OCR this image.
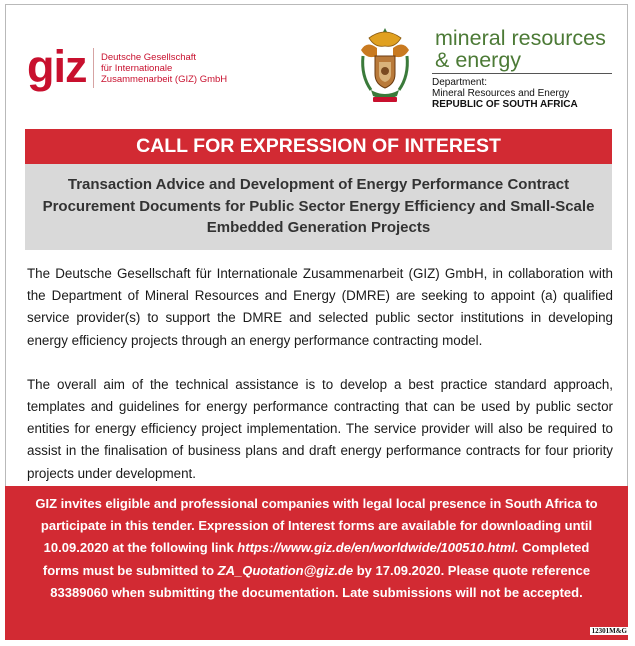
giz Deutsche Gesellschaft
für Internationale
Zusammenarbeit (GIZ) GmbH
mineral resources
& energy
Department:
Mineral Resources and Energy
REPUBLIC OF SOUTH AFRICA
CALL FOR EXPRESSION OF INTEREST

Transaction Advice and Development of Energy Performance Contract Procurement Documents for Public Sector Energy Efficiency and Small-Scale Embedded Generation Projects

The Deutsche Gesellschaft für Internationale Zusammenarbeit (GIZ) GmbH, in collaboration with the Department of Mineral Resources and Energy (DMRE) are seeking to appoint (a) qualified service provider(s) to support the DMRE and selected public sector institutions in developing energy efficiency projects through an energy performance contracting model.

The overall aim of the technical assistance is to develop a best practice standard approach, templates and guidelines for energy performance contracting that can be used by public sector entities for energy efficiency project implementation. The service provider will also be required to assist in the finalisation of business plans and draft energy performance contracts for four priority projects under development.

GIZ invites eligible and professional companies with legal local presence in South Africa to participate in this tender. Expression of Interest forms are available for downloading until 10.09.2020 at the following link https://www.giz.de/en/worldwide/100510.html. Completed forms must be submitted to ZA_Quotation@giz.de by 17.09.2020. Please quote reference 83389060 when submitting the documentation. Late submissions will not be accepted.
12301M&G
